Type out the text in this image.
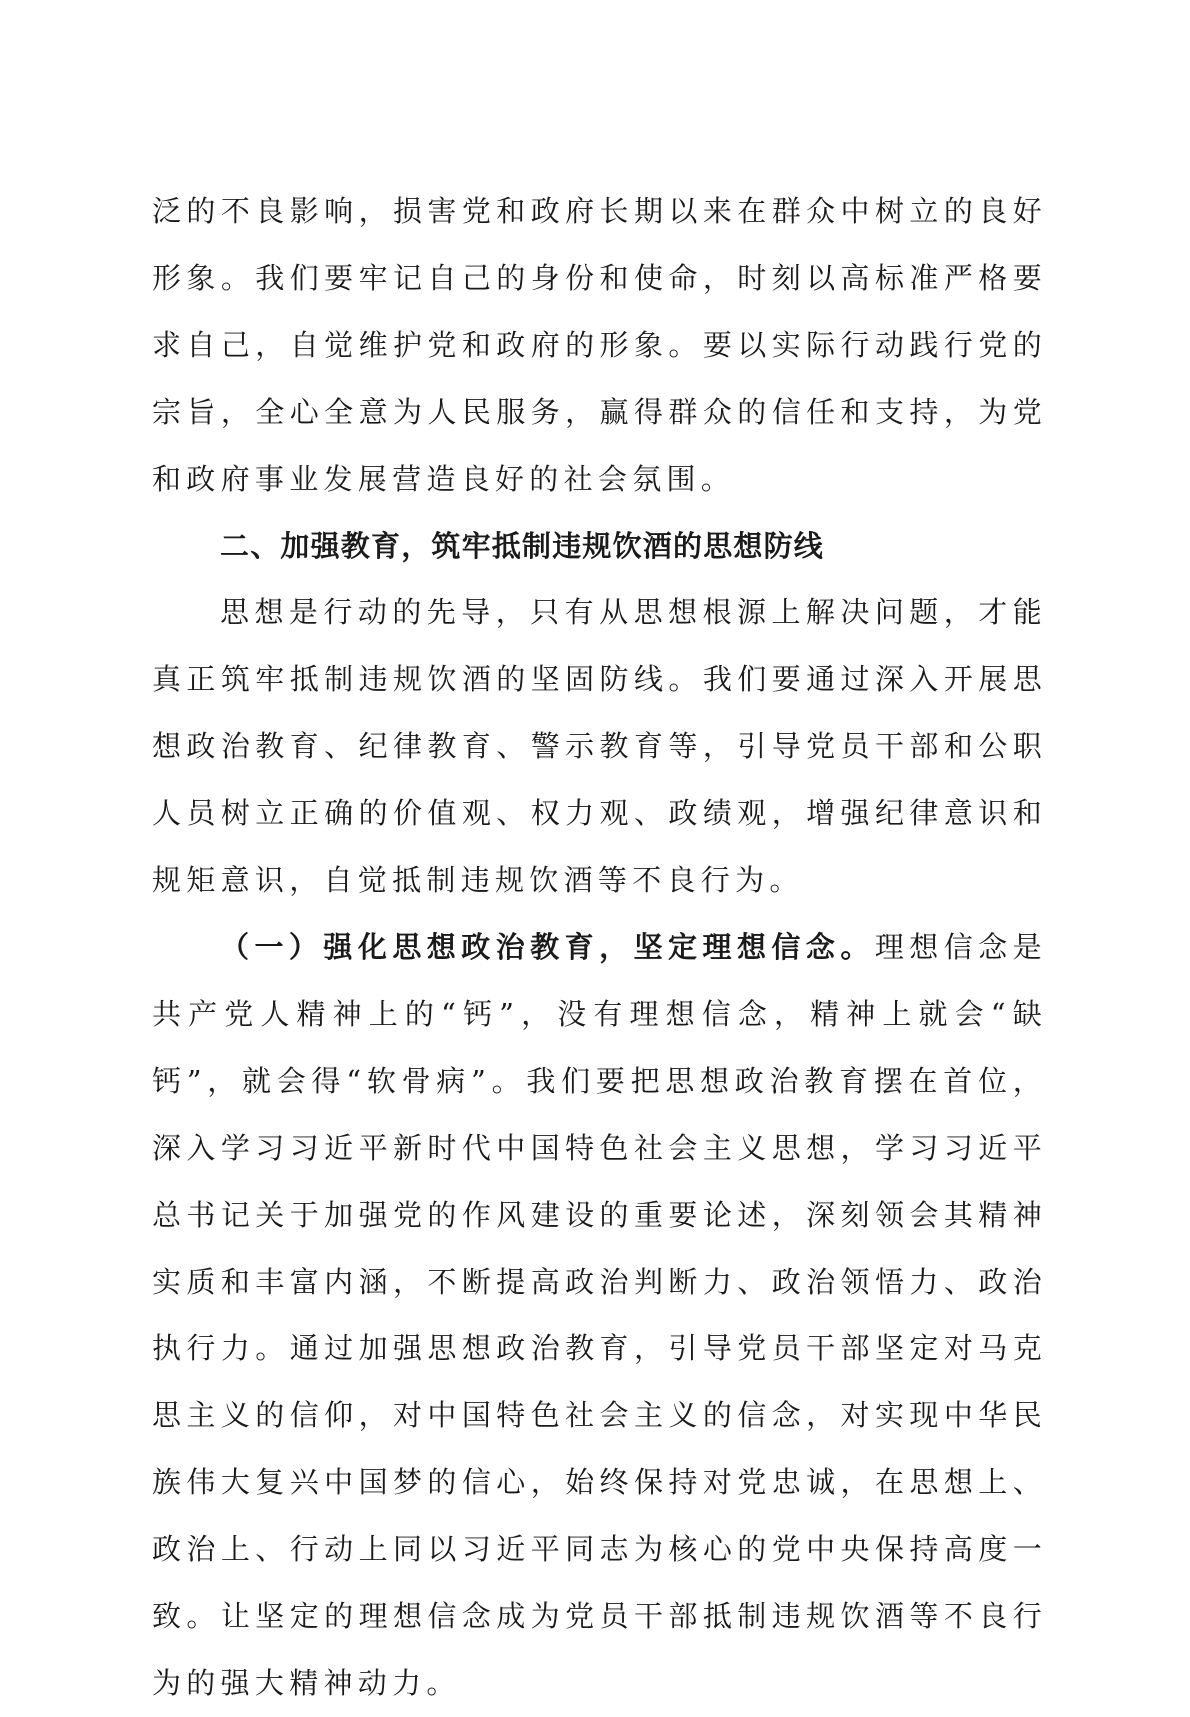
泛的不良影响，损害党和政府长期以来在群众中树立的良好形象。我们要牢记自己的身份和使命，时刻以高标准严格要求自己，自觉维护党和政府的形象。要以实际行动践行党的宗旨，全心全意为人民服务，赢得群众的信任和支持，为党和政府事业发展营造良好的社会氛围。

二、加强教育，筑牢抵制违规饮酒的思想防线

思想是行动的先导，只有从思想根源上解决问题，才能真正筑牢抵制违规饮酒的坚固防线。我们要通过深入开展思想政治教育、纪律教育、警示教育等，引导党员干部和公职人员树立正确的价值观、权力观、政绩观，增强纪律意识和规矩意识，自觉抵制违规饮酒等不良行为。

（一）强化思想政治教育，坚定理想信念。理想信念是共产党人精神上的“钙”，没有理想信念，精神上就会“缺钙”，就会得“软骨病”。我们要把思想政治教育摆在首位，深入学习习近平新时代中国特色社会主义思想，学习习近平总书记关于加强党的作风建设的重要论述，深刻领会其精神实质和丰富内涵，不断提高政治判断力、政治领悟力、政治执行力。通过加强思想政治教育，引导党员干部坚定对马克思主义的信仰，对中国特色社会主义的信念，对实现中华民族伟大复兴中国梦的信心，始终保持对党忠诚，在思想上、政治上、行动上同以习近平同志为核心的党中央保持高度一致。让坚定的理想信念成为党员干部抵制违规饮酒等不良行为的强大精神动力。
